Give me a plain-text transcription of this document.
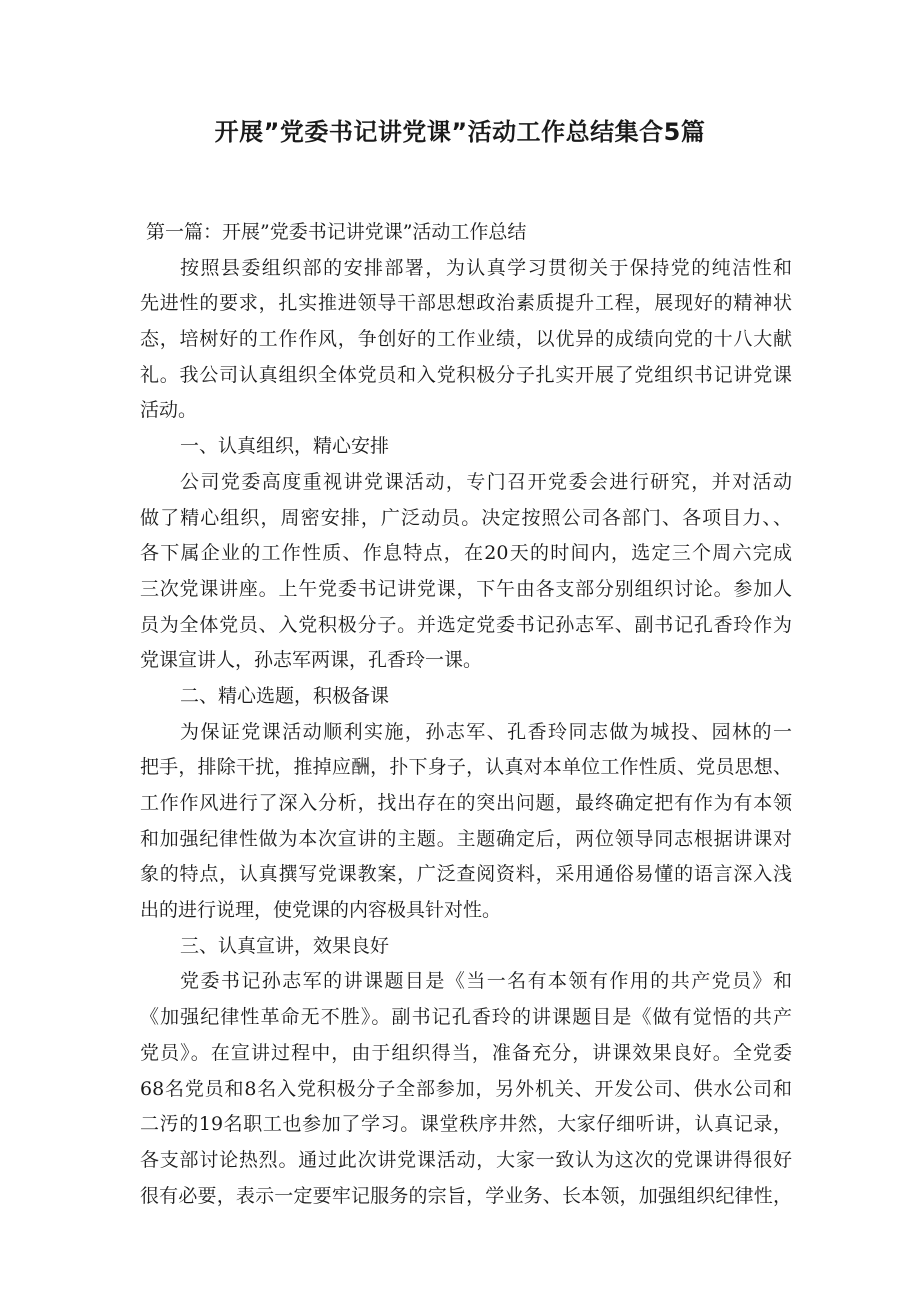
开展”党委书记讲党课”活动工作总结集合5篇
第一篇：开展”党委书记讲党课”活动工作总结
按照县委组织部的安排部署，为认真学习贯彻关于保持党的纯洁性和
先进性的要求，扎实推进领导干部思想政治素质提升工程，展现好的精神状
态，培树好的工作作风，争创好的工作业绩，以优异的成绩向党的十八大献
礼。我公司认真组织全体党员和入党积极分子扎实开展了党组织书记讲党课
活动。
一、认真组织，精心安排
公司党委高度重视讲党课活动，专门召开党委会进行研究，并对活动
做了精心组织，周密安排，广泛动员。决定按照公司各部门、各项目力、、
各下属企业的工作性质、作息特点，在20天的时间内，选定三个周六完成
三次党课讲座。上午党委书记讲党课，下午由各支部分别组织讨论。参加人
员为全体党员、入党积极分子。并选定党委书记孙志军、副书记孔香玲作为
党课宣讲人，孙志军两课，孔香玲一课。
二、精心选题，积极备课
为保证党课活动顺利实施，孙志军、孔香玲同志做为城投、园林的一
把手，排除干扰，推掉应酬，扑下身子，认真对本单位工作性质、党员思想、
工作作风进行了深入分析，找出存在的突出问题，最终确定把有作为有本领
和加强纪律性做为本次宣讲的主题。主题确定后，两位领导同志根据讲课对
象的特点，认真撰写党课教案，广泛查阅资料，采用通俗易懂的语言深入浅
出的进行说理，使党课的内容极具针对性。
三、认真宣讲，效果良好
党委书记孙志军的讲课题目是《当一名有本领有作用的共产党员》和
《加强纪律性革命无不胜》。副书记孔香玲的讲课题目是《做有觉悟的共产
党员》。在宣讲过程中，由于组织得当，准备充分，讲课效果良好。全党委
68名党员和8名入党积极分子全部参加，另外机关、开发公司、供水公司和
二汚的19名职工也参加了学习。课堂秩序井然，大家仔细听讲，认真记录，
各支部讨论热烈。通过此次讲党课活动，大家一致认为这次的党课讲得很好
很有必要，表示一定要牢记服务的宗旨，学业务、长本领，加强组织纪律性，
